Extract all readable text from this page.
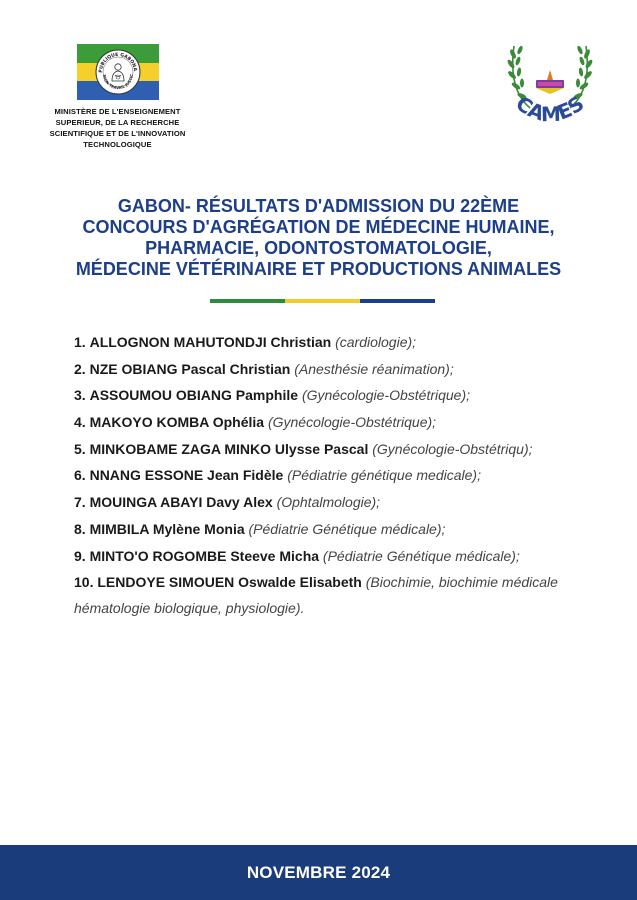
PUBLIQUE GABONA
NION·TRAVAIL·JUSTIC
MINISTÈRE DE L'ENSEIGNEMENT
SUPERIEUR, DE LA RECHERCHE
SCIENTIFIQUE ET DE L'INNOVATION
TECHNOLOGIQUE
CAMES
GABON- RÉSULTATS D'ADMISSION DU 22ÈME
CONCOURS D'AGRÉGATION DE MÉDECINE HUMAINE,
PHARMACIE, ODONTOSTOMATOLOGIE,
MÉDECINE VÉTÉRINAIRE ET PRODUCTIONS ANIMALES
1. ALLOGNON MAHUTONDJI Christian (cardiologie);
2. NZE OBIANG Pascal Christian (Anesthésie réanimation);
3. ASSOUMOU OBIANG Pamphile (Gynécologie-Obstétrique);
4. MAKOYO KOMBA Ophélia (Gynécologie-Obstétrique);
5. MINKOBAME ZAGA MINKO Ulysse Pascal (Gynécologie-Obstétriqu);
6. NNANG ESSONE Jean Fidèle (Pédiatrie génétique medicale);
7. MOUINGA ABAYI Davy Alex (Ophtalmologie);
8. MIMBILA Mylène Monia (Pédiatrie Génétique médicale);
9. MINTO'O ROGOMBE Steeve Micha (Pédiatrie Génétique médicale);
10. LENDOYE SIMOUEN Oswalde Elisabeth (Biochimie, biochimie médicale
hématologie biologique, physiologie).
NOVEMBRE 2024
